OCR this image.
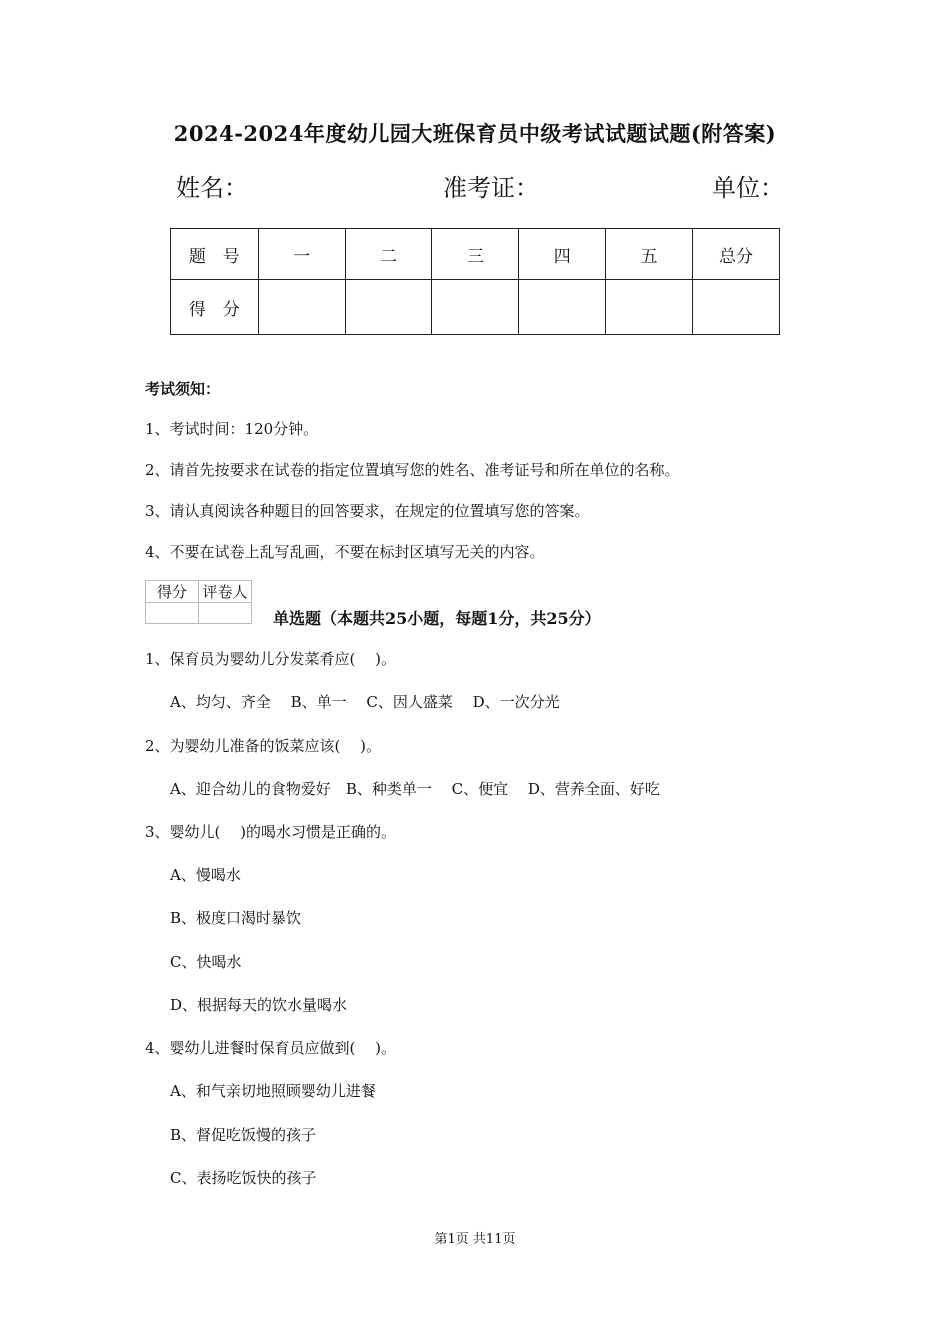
2024-2024年度幼儿园大班保育员中级考试试题试题(附答案)
姓名：	准考证：	单位：
题　号	一	二	三	四	五	总分
得　分						
考试须知：
1、考试时间：120分钟。
2、请首先按要求在试卷的指定位置填写您的姓名、准考证号和所在单位的名称。
3、请认真阅读各种题目的回答要求，在规定的位置填写您的答案。
4、不要在试卷上乱写乱画，不要在标封区填写无关的内容。
得分	评卷人

单选题（本题共25小题，每题1分，共25分）
1、保育员为婴幼儿分发菜肴应(　 )。
A、均匀、齐全　 B、单一　 C、因人盛菜　 D、一次分光
2、为婴幼儿准备的饭菜应该(　 )。
A、迎合幼儿的食物爱好　B、种类单一　 C、便宜　 D、营养全面、好吃
3、婴幼儿(　 )的喝水习惯是正确的。
A、慢喝水
B、极度口渴时暴饮
C、快喝水
D、根据每天的饮水量喝水
4、婴幼儿进餐时保育员应做到(　 )。
A、和气亲切地照顾婴幼儿进餐
B、督促吃饭慢的孩子
C、表扬吃饭快的孩子
第1页 共11页
